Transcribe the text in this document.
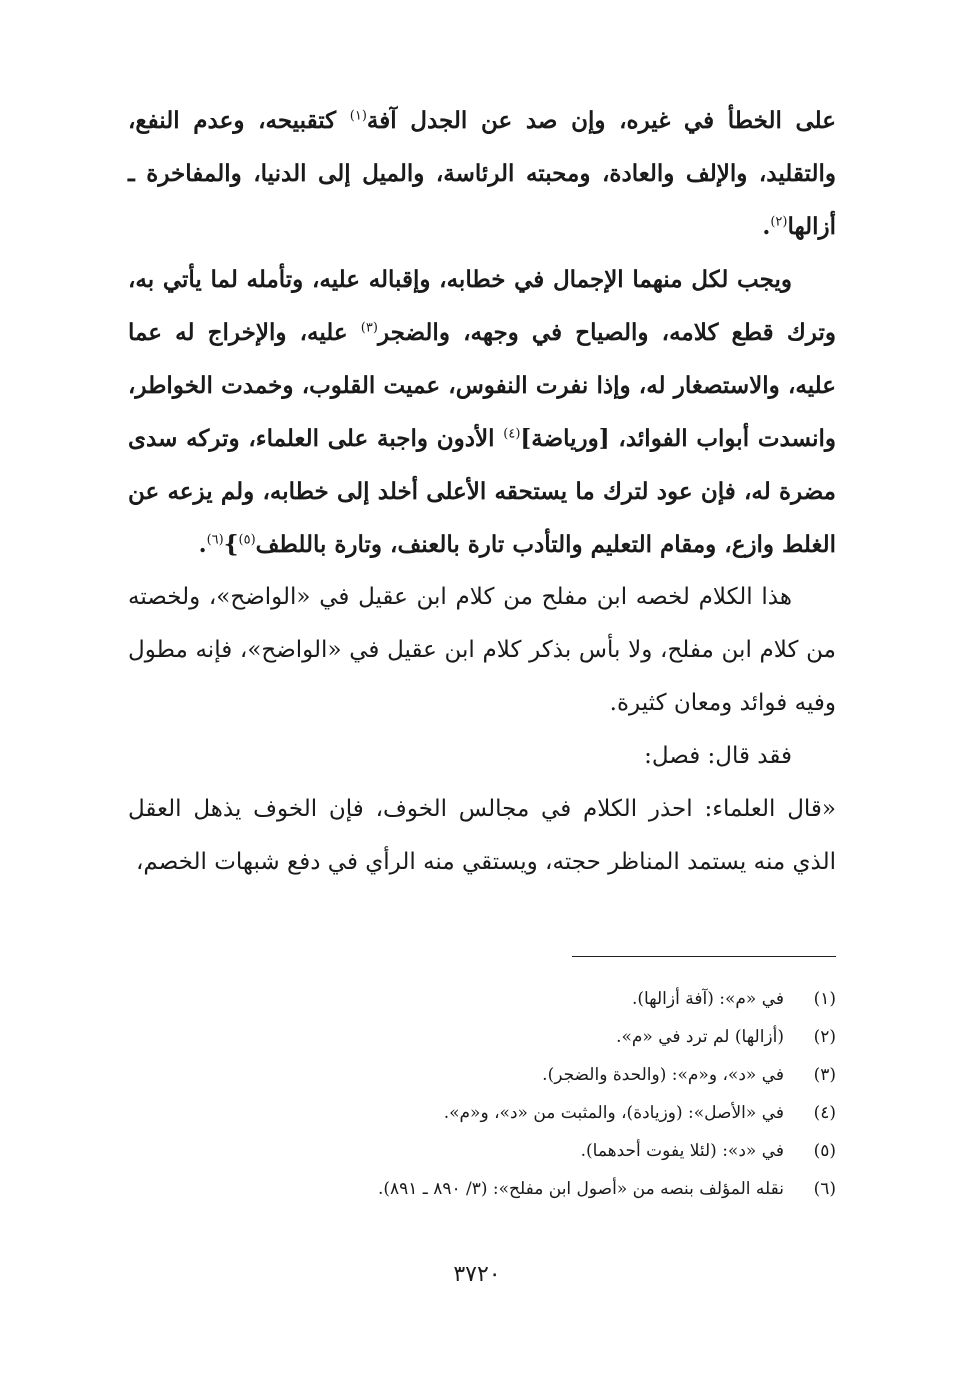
على الخطأ في غيره، وإن صد عن الجدل آفة$^{(١)}$ كتقبيحه، وعدم النفع، والتقليد، والإلف والعادة، ومحبته الرئاسة، والميل إلى الدنيا، والمفاخرة ـ أزالها$^{(٢)}$.

ويجب لكل منهما الإجمال في خطابه، وإقباله عليه، وتأمله لما يأتي به، وترك قطع كلامه، والصياح في وجهه، والضجر$^{(٣)}$ عليه، والإخراج له عما عليه، والاستصغار له، وإذا نفرت النفوس، عميت القلوب، وخمدت الخواطر، وانسدت أبواب الفوائد، [ورياضة]$^{(٤)}$ الأدون واجبة على العلماء، وتركه سدى مضرة له، فإن عود لترك ما يستحقه الأعلى أخلد إلى خطابه، ولم يزعه عن الغلط وازع، ومقام التعليم والتأدب تارة بالعنف، وتارة باللطف$^{(٥)}$}$^{(٦)}$.

هذا الكلام لخصه ابن مفلح من كلام ابن عقيل في «الواضح»، ولخصته من كلام ابن مفلح، ولا بأس بذكر كلام ابن عقيل في «الواضح»، فإنه مطول وفيه فوائد ومعان كثيرة.

فقد قال: فصل:

«قال العلماء: احذر الكلام في مجالس الخوف، فإن الخوف يذهل العقل الذي منه يستمد المناظر حجته، ويستقي منه الرأي في دفع شبهات الخصم،

(١)
في «م»: (آفة أزالها).
(٢)
(أزالها) لم ترد في «م».
(٣)
في «د»، و«م»: (والحدة والضجر).
(٤)
في «الأصل»: (وزيادة)، والمثبت من «د»، و«م».
(٥)
في «د»: (لئلا يفوت أحدهما).
(٦)
نقله المؤلف بنصه من «أصول ابن مفلح»: (٣/ ٨٩٠ ـ ٨٩١).
٣٧٢٠
